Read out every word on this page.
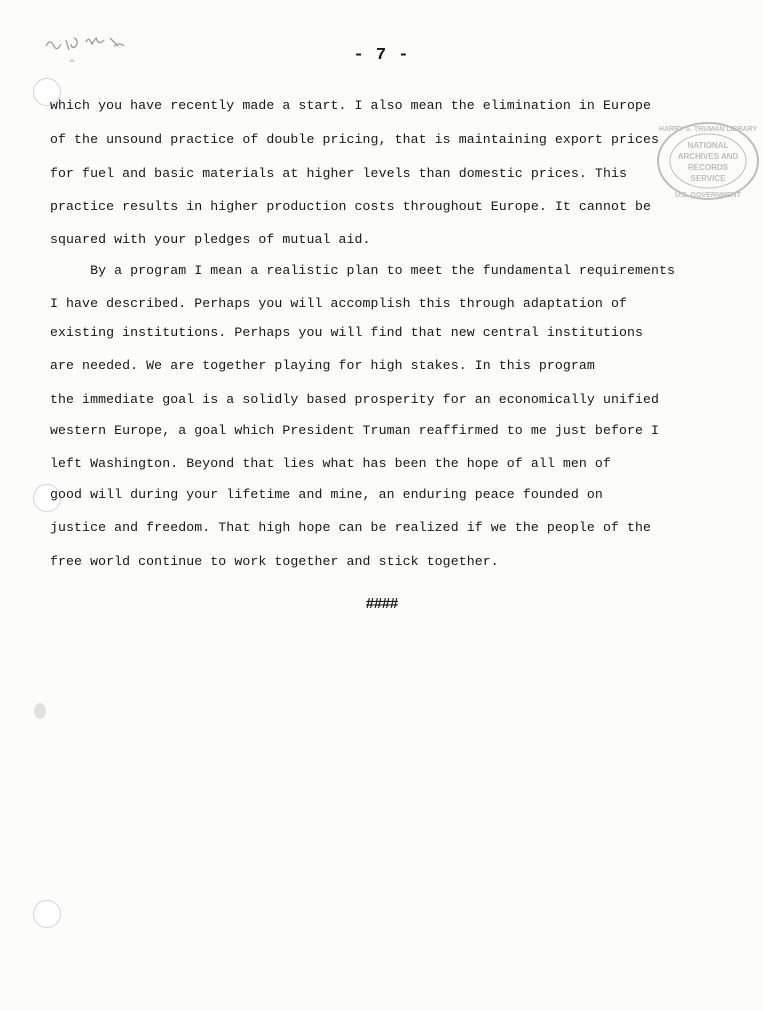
- 7 -
HARRY S. TRUMAN LIBRARY
NATIONAL
ARCHIVES AND
RECORDS
SERVICE
U.S. GOVERNMENT
which you have recently made a start. I also mean the elimination in Europe
of the unsound practice of double pricing, that is maintaining export prices
for fuel and basic materials at higher levels than domestic prices. This
practice results in higher production costs throughout Europe. It cannot be
squared with your pledges of mutual aid.
By a program I mean a realistic plan to meet the fundamental requirements
I have described. Perhaps you will accomplish this through adaptation of
existing institutions. Perhaps you will find that new central institutions
are needed. We are together playing for high stakes. In this program
the immediate goal is a solidly based prosperity for an economically unified
western Europe, a goal which President Truman reaffirmed to me just before I
left Washington. Beyond that lies what has been the hope of all men of
good will during your lifetime and mine, an enduring peace founded on
justice and freedom. That high hope can be realized if we the people of the
free world continue to work together and stick together.
####
